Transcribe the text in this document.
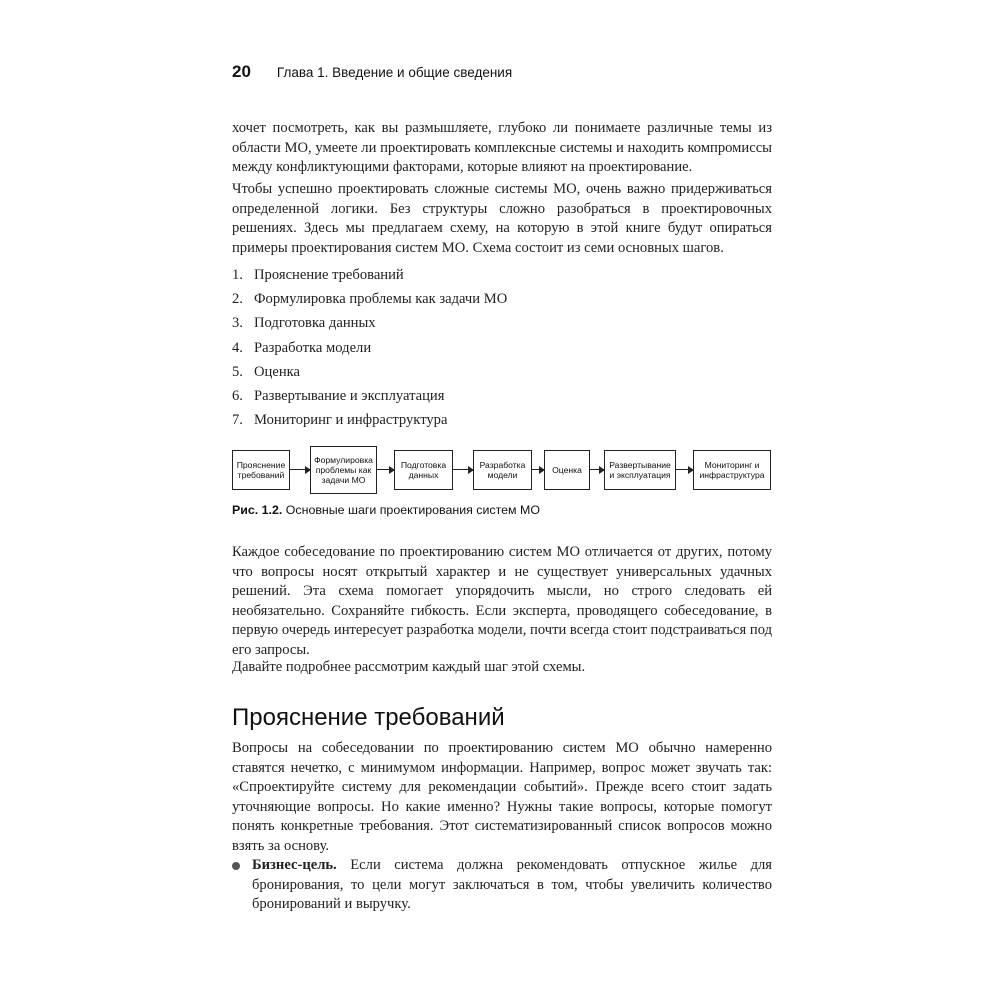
20 Глава 1. Введение и общие сведения

хочет посмотреть, как вы размышляете, глубоко ли понимаете различные темы из области МО, умеете ли проектировать комплексные системы и находить компромиссы между конфликтующими факторами, которые влияют на проектирование.

Чтобы успешно проектировать сложные системы МО, очень важно придерживаться определенной логики. Без структуры сложно разобраться в проектировочных решениях. Здесь мы предлагаем схему, на которую в этой книге будут опираться примеры проектирования систем МО. Схема состоит из семи основных шагов.

1. Прояснение требований
2. Формулировка проблемы как задачи МО
3. Подготовка данных
4. Разработка модели
5. Оценка
6. Развертывание и эксплуатация
7. Мониторинг и инфраструктура
Прояснение требований
Формулировка проблемы как задачи МО
Подготовка данных
Разработка модели	Оценка	Развертывание и эксплуатация
Мониторинг и инфраструктура
Рис. 1.2. Основные шаги проектирования систем МО

Каждое собеседование по проектированию систем МО отличается от других, потому что вопросы носят открытый характер и не существует универсальных удачных решений. Эта схема помогает упорядочить мысли, но строго следовать ей необязательно. Сохраняйте гибкость. Если эксперта, проводящего собеседование, в первую очередь интересует разработка модели, почти всегда стоит подстраиваться под его запросы.

Давайте подробнее рассмотрим каждый шаг этой схемы.

Прояснение требований

Вопросы на собеседовании по проектированию систем МО обычно намеренно ставятся нечетко, с минимумом информации. Например, вопрос может звучать так: «Спроектируйте систему для рекомендации событий». Прежде всего стоит задать уточняющие вопросы. Но какие именно? Нужны такие вопросы, которые помогут понять конкретные требования. Этот систематизированный список вопросов можно взять за основу.

Бизнес-цель. Если система должна рекомендовать отпускное жилье для бронирования, то цели могут заключаться в том, чтобы увеличить количество бронирований и выручку.
